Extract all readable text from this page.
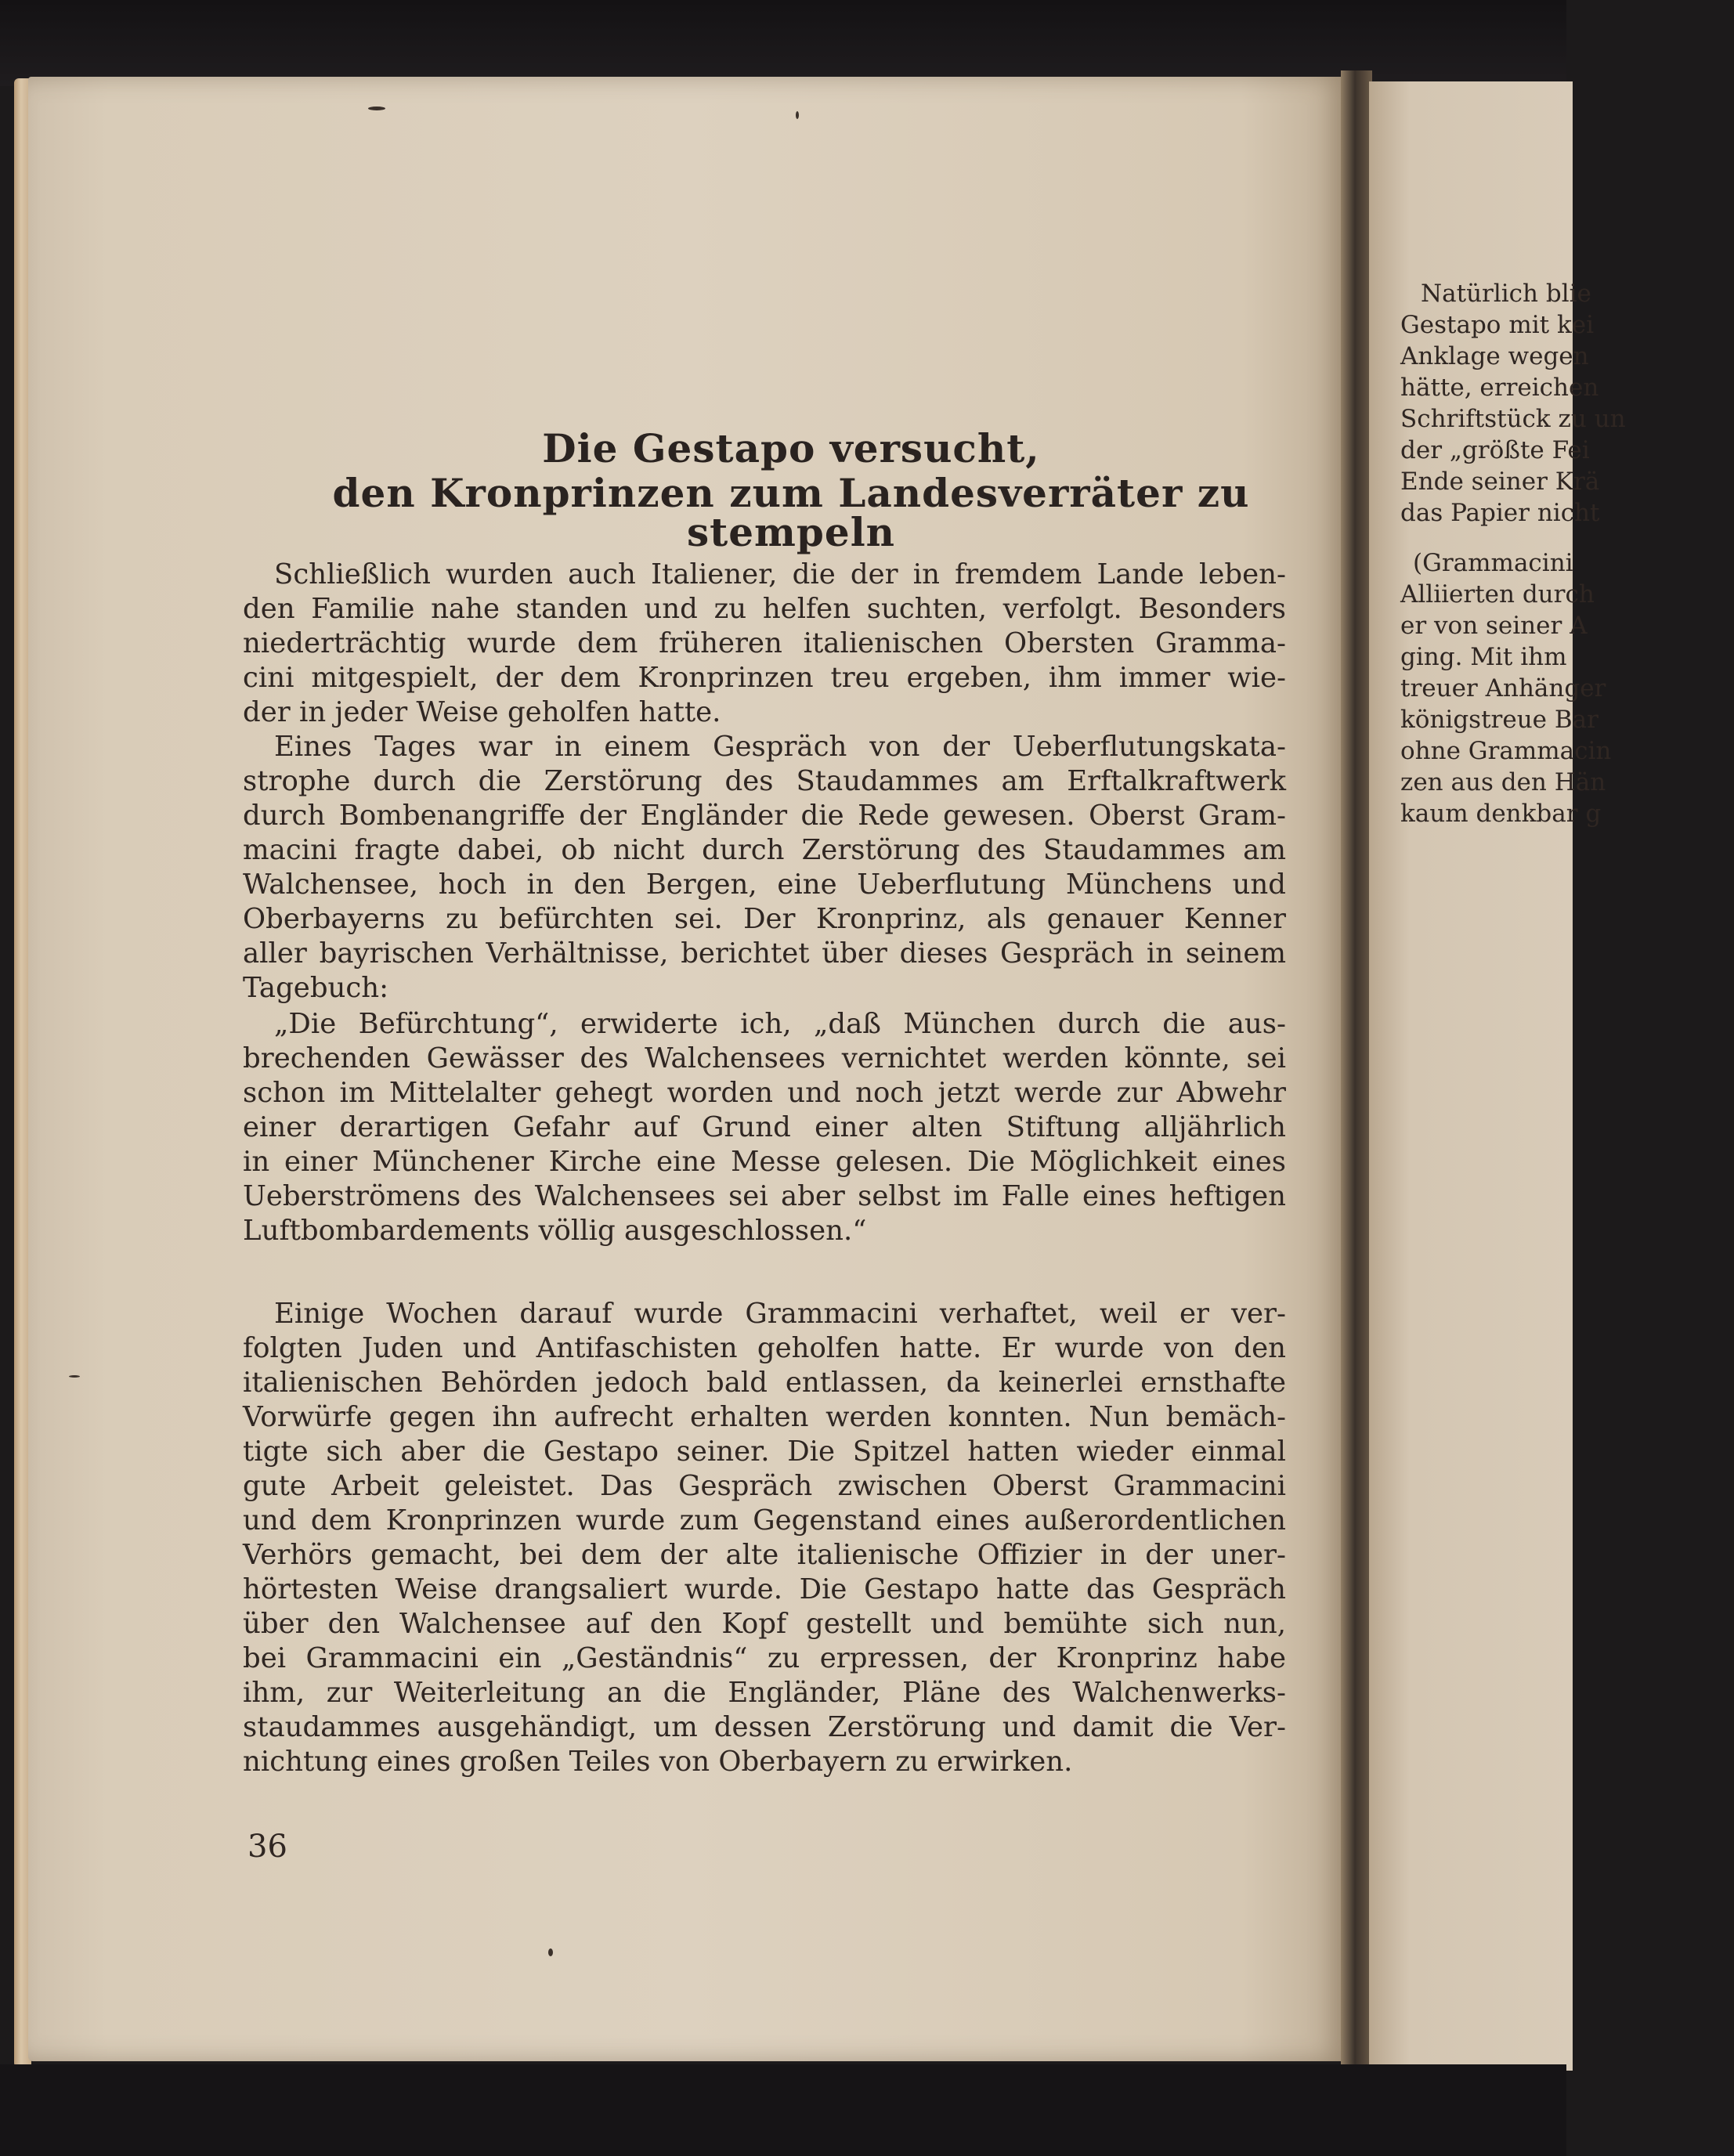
Die Gestapo versucht,
den Kronprinzen zum Landesverräter zu stempeln

Schließlich wurden auch Italiener, die der in fremdem Lande leben-

den Familie nahe standen und zu helfen suchten, verfolgt. Besonders

niederträchtig wurde dem früheren italienischen Obersten Gramma-

cini mitgespielt, der dem Kronprinzen treu ergeben, ihm immer wie-

der in jeder Weise geholfen hatte.

Eines Tages war in einem Gespräch von der Ueberflutungskata-

strophe durch die Zerstörung des Staudammes am Erftalkraftwerk

durch Bombenangriffe der Engländer die Rede gewesen. Oberst Gram-

macini fragte dabei, ob nicht durch Zerstörung des Staudammes am

Walchensee, hoch in den Bergen, eine Ueberflutung Münchens und

Oberbayerns zu befürchten sei. Der Kronprinz, als genauer Kenner

aller bayrischen Verhältnisse, berichtet über dieses Gespräch in seinem

Tagebuch:

„Die Befürchtung“, erwiderte ich, „daß München durch die aus-

brechenden Gewässer des Walchensees vernichtet werden könnte, sei

schon im Mittelalter gehegt worden und noch jetzt werde zur Abwehr

einer derartigen Gefahr auf Grund einer alten Stiftung alljährlich

in einer Münchener Kirche eine Messe gelesen. Die Möglichkeit eines

Ueberströmens des Walchensees sei aber selbst im Falle eines heftigen

Luftbombardements völlig ausgeschlossen.“

Einige Wochen darauf wurde Grammacini verhaftet, weil er ver-

folgten Juden und Antifaschisten geholfen hatte. Er wurde von den

italienischen Behörden jedoch bald entlassen, da keinerlei ernsthafte

Vorwürfe gegen ihn aufrecht erhalten werden konnten. Nun bemäch-

tigte sich aber die Gestapo seiner. Die Spitzel hatten wieder einmal

gute Arbeit geleistet. Das Gespräch zwischen Oberst Grammacini

und dem Kronprinzen wurde zum Gegenstand eines außerordentlichen

Verhörs gemacht, bei dem der alte italienische Offizier in der uner-

hörtesten Weise drangsaliert wurde. Die Gestapo hatte das Gespräch

über den Walchensee auf den Kopf gestellt und bemühte sich nun,

bei Grammacini ein „Geständnis“ zu erpressen, der Kronprinz habe

ihm, zur Weiterleitung an die Engländer, Pläne des Walchenwerks-

staudammes ausgehändigt, um dessen Zerstörung und damit die Ver-

nichtung eines großen Teiles von Oberbayern zu erwirken.

36

Natürlich blie

Gestapo mit kei

Anklage wegen

hätte, erreichen

Schriftstück zu un

der „größte Fei

Ende seiner Krä

das Papier nicht

(Grammacini

Alliierten durch

er von seiner A

ging. Mit ihm

treuer Anhänger

königstreue Bar

ohne Grammacin

zen aus den Hän

kaum denkbar g
